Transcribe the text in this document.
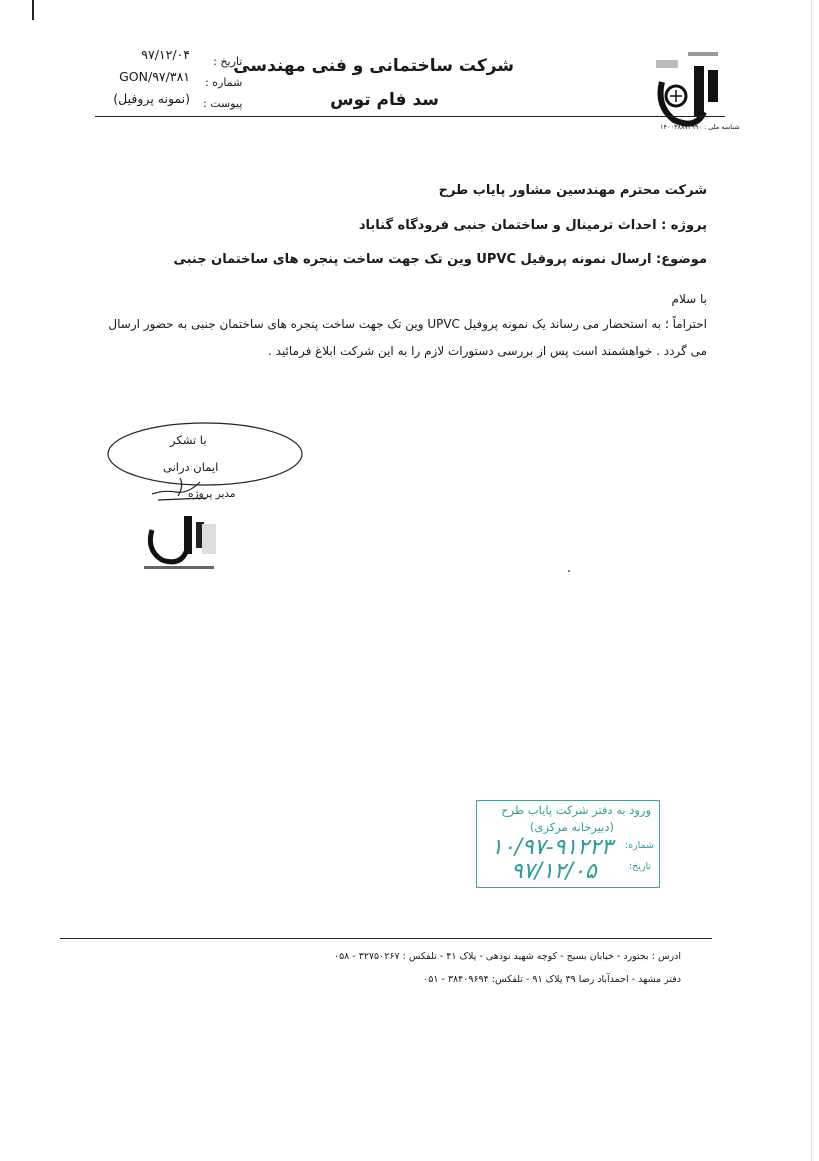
شرکت ساختمانی و فنی مهندسی
سد فام توس
تاریخ :
شماره :
پیوست :
۹۷/۱۲/۰۴
GON/۹۷/۳۸۱
(نمونه پروفیل)
شناسه ملی : ۱۴۰۰۳۸۸۷۳۹۹۰
شرکت محترم مهندسین مشاور پایاب طرح
پروژه : احداث ترمینال و ساختمان جنبی فرودگاه گناباد
موضوع: ارسال نمونه پروفیل UPVC وین تک جهت ساخت پنجره های ساختمان جنبی
با سلام
احتراماً ؛ به استحضار می رساند یک نمونه پروفیل UPVC وین تک جهت ساخت پنجره های ساختمان جنبی به حضور ارسال
می گردد . خواهشمند است پس از بررسی دستورات لازم را به این شرکت ابلاغ فرمائید .
با تشکر
ایمان درانی
مدیر پروژه
ورود به دفتر شرکت پایاب طرح
(دبیرخانه مرکزی)
شماره:
تاریخ:
۱۰/۹۷-۹۱۲۲۳
۹۷/۱۲/۰۵
ادرس : بجنورد - خیابان بسیج - کوچه شهید نودهی - پلاک ۴۱ - تلفکس : ۳۲۷۵۰۲۶۷ - ۰۵۸
دفتر مشهد - احمدآباد رضا ۳۹ پلاک ۹۱ - تلفکس: ۳۸۴۰۹۶۹۴ - ۰۵۱
